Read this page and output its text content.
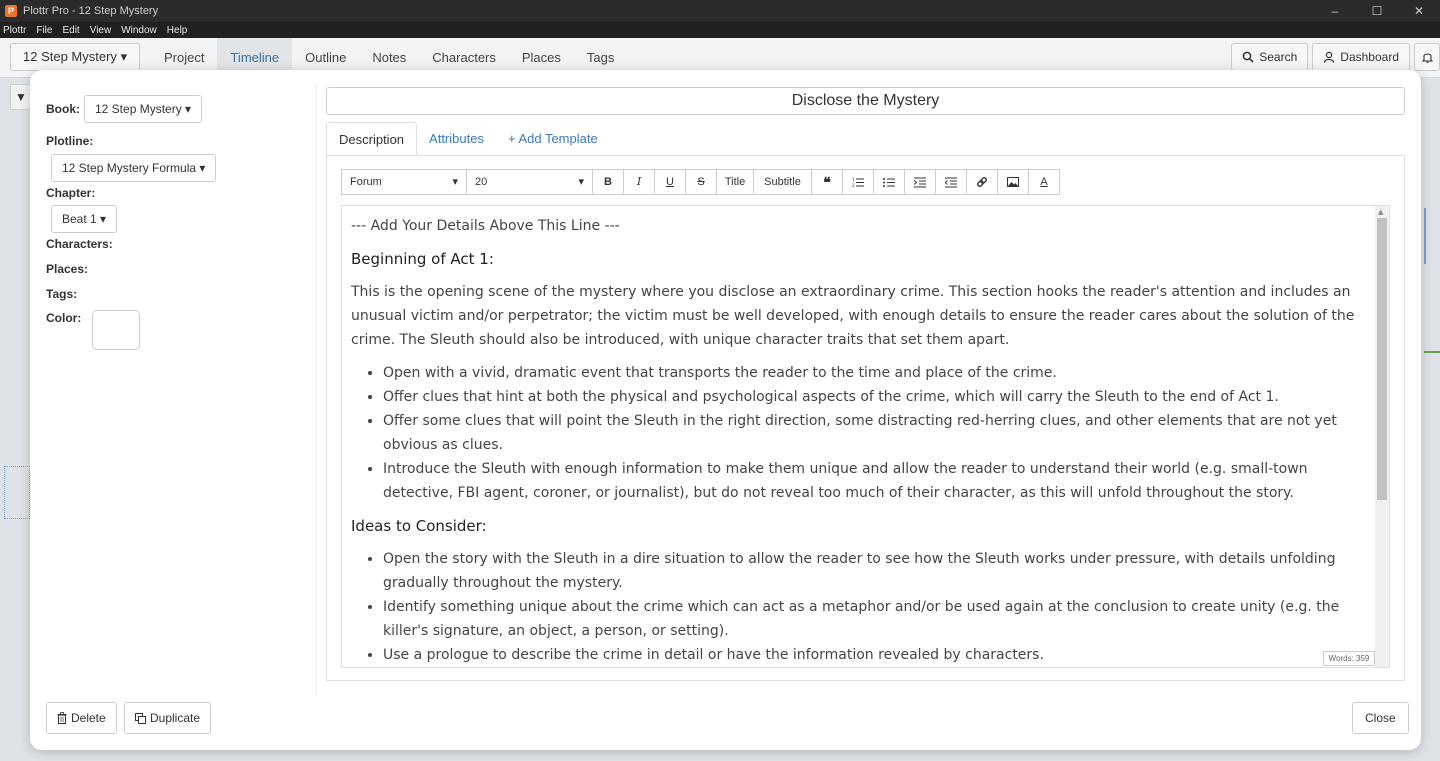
P Plottr Pro - 12 Step Mystery	–	☐	✕
Plottr File Edit View Window Help
12 Step Mystery ▾	Project	Timeline	Outline	Notes	Characters	Places	Tags	Search	Dashboard
▼
Book:	12 Step Mystery ▾
Plotline:
12 Step Mystery Formula ▾
Chapter:
Beat 1 ▾
Characters:
Places:
Tags:
Color:
Delete	Duplicate
Disclose the Mystery
Description	Attributes	+ Add Template
Forum	▾ 20	▾	B	I	U	S	Title	Subtitle	❝	1
2	A

--- Add Your Details Above This Line ---

Beginning of Act 1:

This is the opening scene of the mystery where you disclose an extraordinary crime. This section hooks the reader's attention and includes an unusual victim and/or perpetrator; the victim must be well developed, with enough details to ensure the reader cares about the solution of the crime. The Sleuth should also be introduced, with unique character traits that set them apart.

• Open with a vivid, dramatic event that transports the reader to the time and place of the crime.
• Offer clues that hint at both the physical and psychological aspects of the crime, which will carry the Sleuth to the end of Act 1.
• Offer some clues that will point the Sleuth in the right direction, some distracting red-herring clues, and other elements that are not yet obvious as clues.
• Introduce the Sleuth with enough information to make them unique and allow the reader to understand their world (e.g. small-town detective, FBI agent, coroner, or journalist), but do not reveal too much of their character, as this will unfold throughout the story.
Ideas to Consider:
• Open the story with the Sleuth in a dire situation to allow the reader to see how the Sleuth works under pressure, with details unfolding gradually throughout the mystery.
• Identify something unique about the crime which can act as a metaphor and/or be used again at the conclusion to create unity (e.g. the killer's signature, an object, a person, or setting).
• Use a prologue to describe the crime in detail or have the information revealed by characters.
▲
Words: 359
Close
